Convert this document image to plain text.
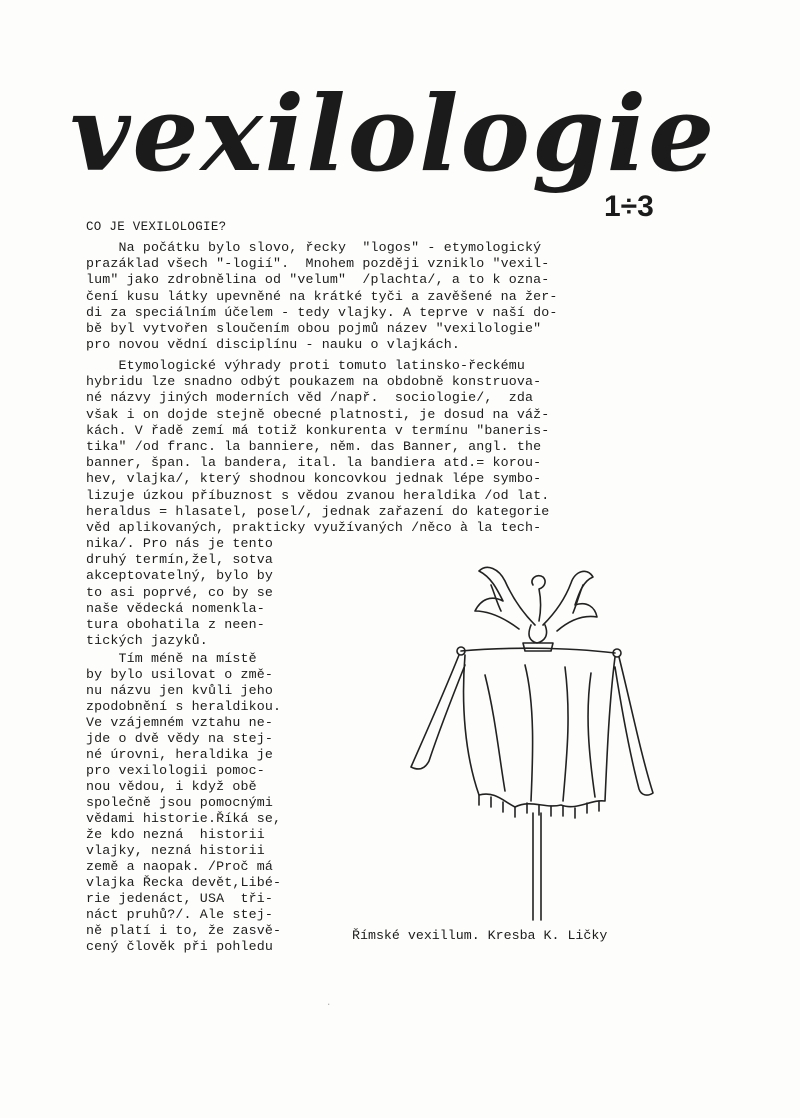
vexilologie
1÷3
CO JE VEXILOLOGIE?
Na počátku bylo slovo, řecky  "logos" - etymologický
prazáklad všech "-logií".  Mnohem později vzniklo "vexil-
lum" jako zdrobnělina od "velum"  /plachta/, a to k ozna-
čení kusu látky upevněné na krátké tyči a zavěšené na žer-
di za speciálním účelem - tedy vlajky. A teprve v naší do-
bě byl vytvořen sloučením obou pojmů název "vexilologie"
pro novou vědní disciplínu - nauku o vlajkách.
Etymologické výhrady proti tomuto latinsko-řeckému
hybridu lze snadno odbýt poukazem na obdobně konstruova-
né názvy jiných moderních věd /např.  sociologie/,  zda
však i on dojde stejně obecné platnosti, je dosud na váž-
kách. V řadě zemí má totiž konkurenta v termínu "baneris-
tika" /od franc. la banniere, něm. das Banner, angl. the
banner, špan. la bandera, ital. la bandiera atd.= korou-
hev, vlajka/, který shodnou koncovkou jednak lépe symbo-
lizuje úzkou příbuznost s vědou zvanou heraldika /od lat.
heraldus = hlasatel, posel/, jednak zařazení do kategorie
věd aplikovaných, prakticky využívaných /něco à la tech-
nika/. Pro nás je tento
druhý termín,žel, sotva
akceptovatelný, bylo by
to asi poprvé, co by se
naše vědecká nomenkla-
tura obohatila z neen-
tických jazyků.
Tím méně na místě
by bylo usilovat o změ-
nu názvu jen kvůli jeho
zpodobnění s heraldikou.
Ve vzájemném vztahu ne-
jde o dvě vědy na stej-
né úrovni, heraldika je
pro vexilologii pomoc-
nou vědou, i když obě
společně jsou pomocnými
vědami historie.Říká se,
že kdo nezná  historii
vlajky, nezná historii
země a naopak. /Proč má
vlajka Řecka devět,Libé-
rie jedenáct, USA  tři-
náct pruhů?/. Ale stej-
ně platí i to, že zasvě-
cený člověk při pohledu
Římské vexillum. Kresba K. Ličky
·
